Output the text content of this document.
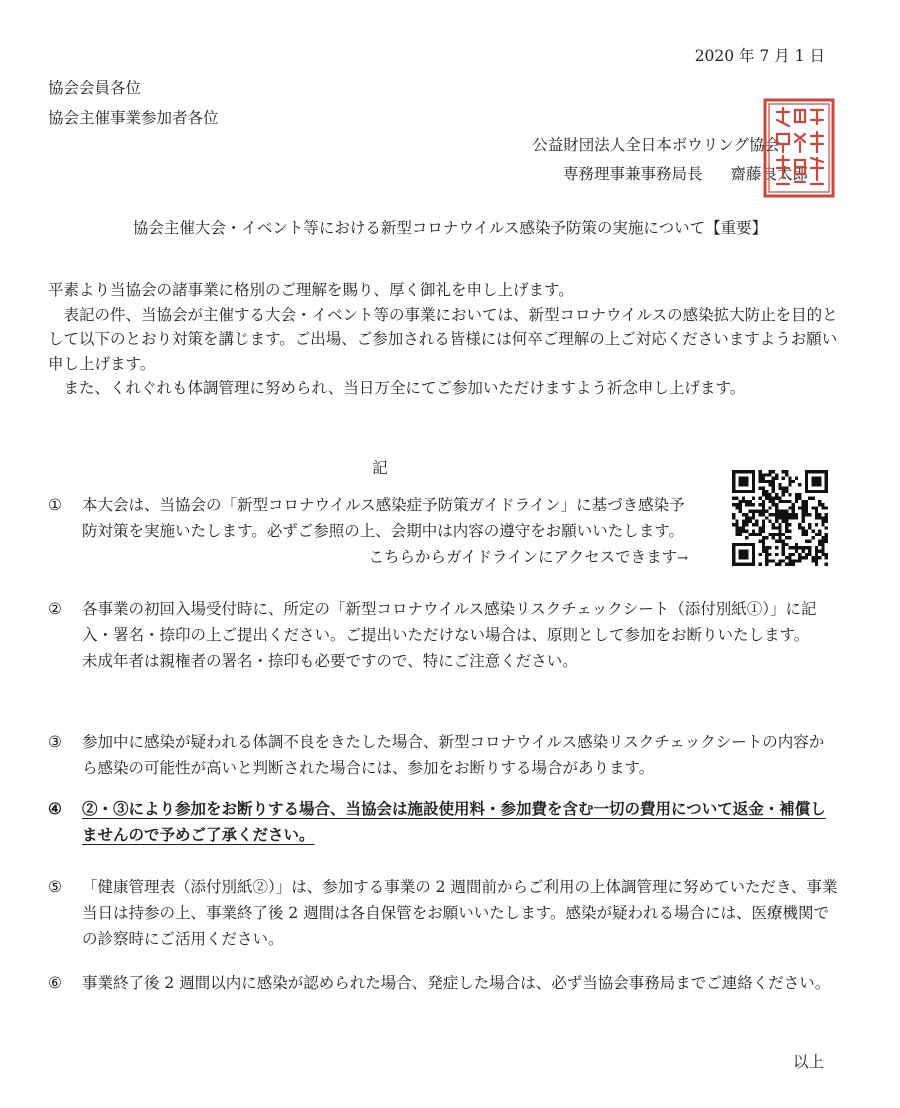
2020 年 7 月 1 日
協会会員各位
協会主催事業参加者各位
公益財団法人全日本ボウリング協会
専務理事兼事務局長 齋藤良太郎
協会主催大会・イベント等における新型コロナウイルス感染予防策の実施について【重要】

平素より当協会の諸事業に格別のご理解を賜り、厚く御礼を申し上げます。

表記の件、当協会が主催する大会・イベント等の事業においては、新型コロナウイルスの感染拡大防止を目的として以下のとおり対策を講じます。ご出場、ご参加される皆様には何卒ご理解の上ご対応くださいますようお願い申し上げます。

また、くれぐれも体調管理に努められ、当日万全にてご参加いただけますよう祈念申し上げます。

記
①	本大会は、当協会の「新型コロナウイルス感染症予防策ガイドライン」に基づき感染予防対策を実施いたします。必ずご参照の上、会期中は内容の遵守をお願いいたします。

こちらからガイドラインにアクセスできます→
②	各事業の初回入場受付時に、所定の「新型コロナウイルス感染リスクチェックシート（添付別紙①）」に記入・署名・捺印の上ご提出ください。ご提出いただけない場合は、原則として参加をお断りいたします。

未成年者は親権者の署名・捺印も必要ですので、特にご注意ください。

③	参加中に感染が疑われる体調不良をきたした場合、新型コロナウイルス感染リスクチェックシートの内容から感染の可能性が高いと判断された場合には、参加をお断りする場合があります。

④	②・③により参加をお断りする場合、当協会は施設使用料・参加費を含む一切の費用について返金・補償しませんので予めご了承ください。

⑤	「健康管理表（添付別紙②）」は、参加する事業の 2 週間前からご利用の上体調管理に努めていただき、事業当日は持参の上、事業終了後 2 週間は各自保管をお願いいたします。感染が疑われる場合には、医療機関での診察時にご活用ください。

⑥	事業終了後 2 週間以内に感染が認められた場合、発症した場合は、必ず当協会事務局までご連絡ください。

以上
